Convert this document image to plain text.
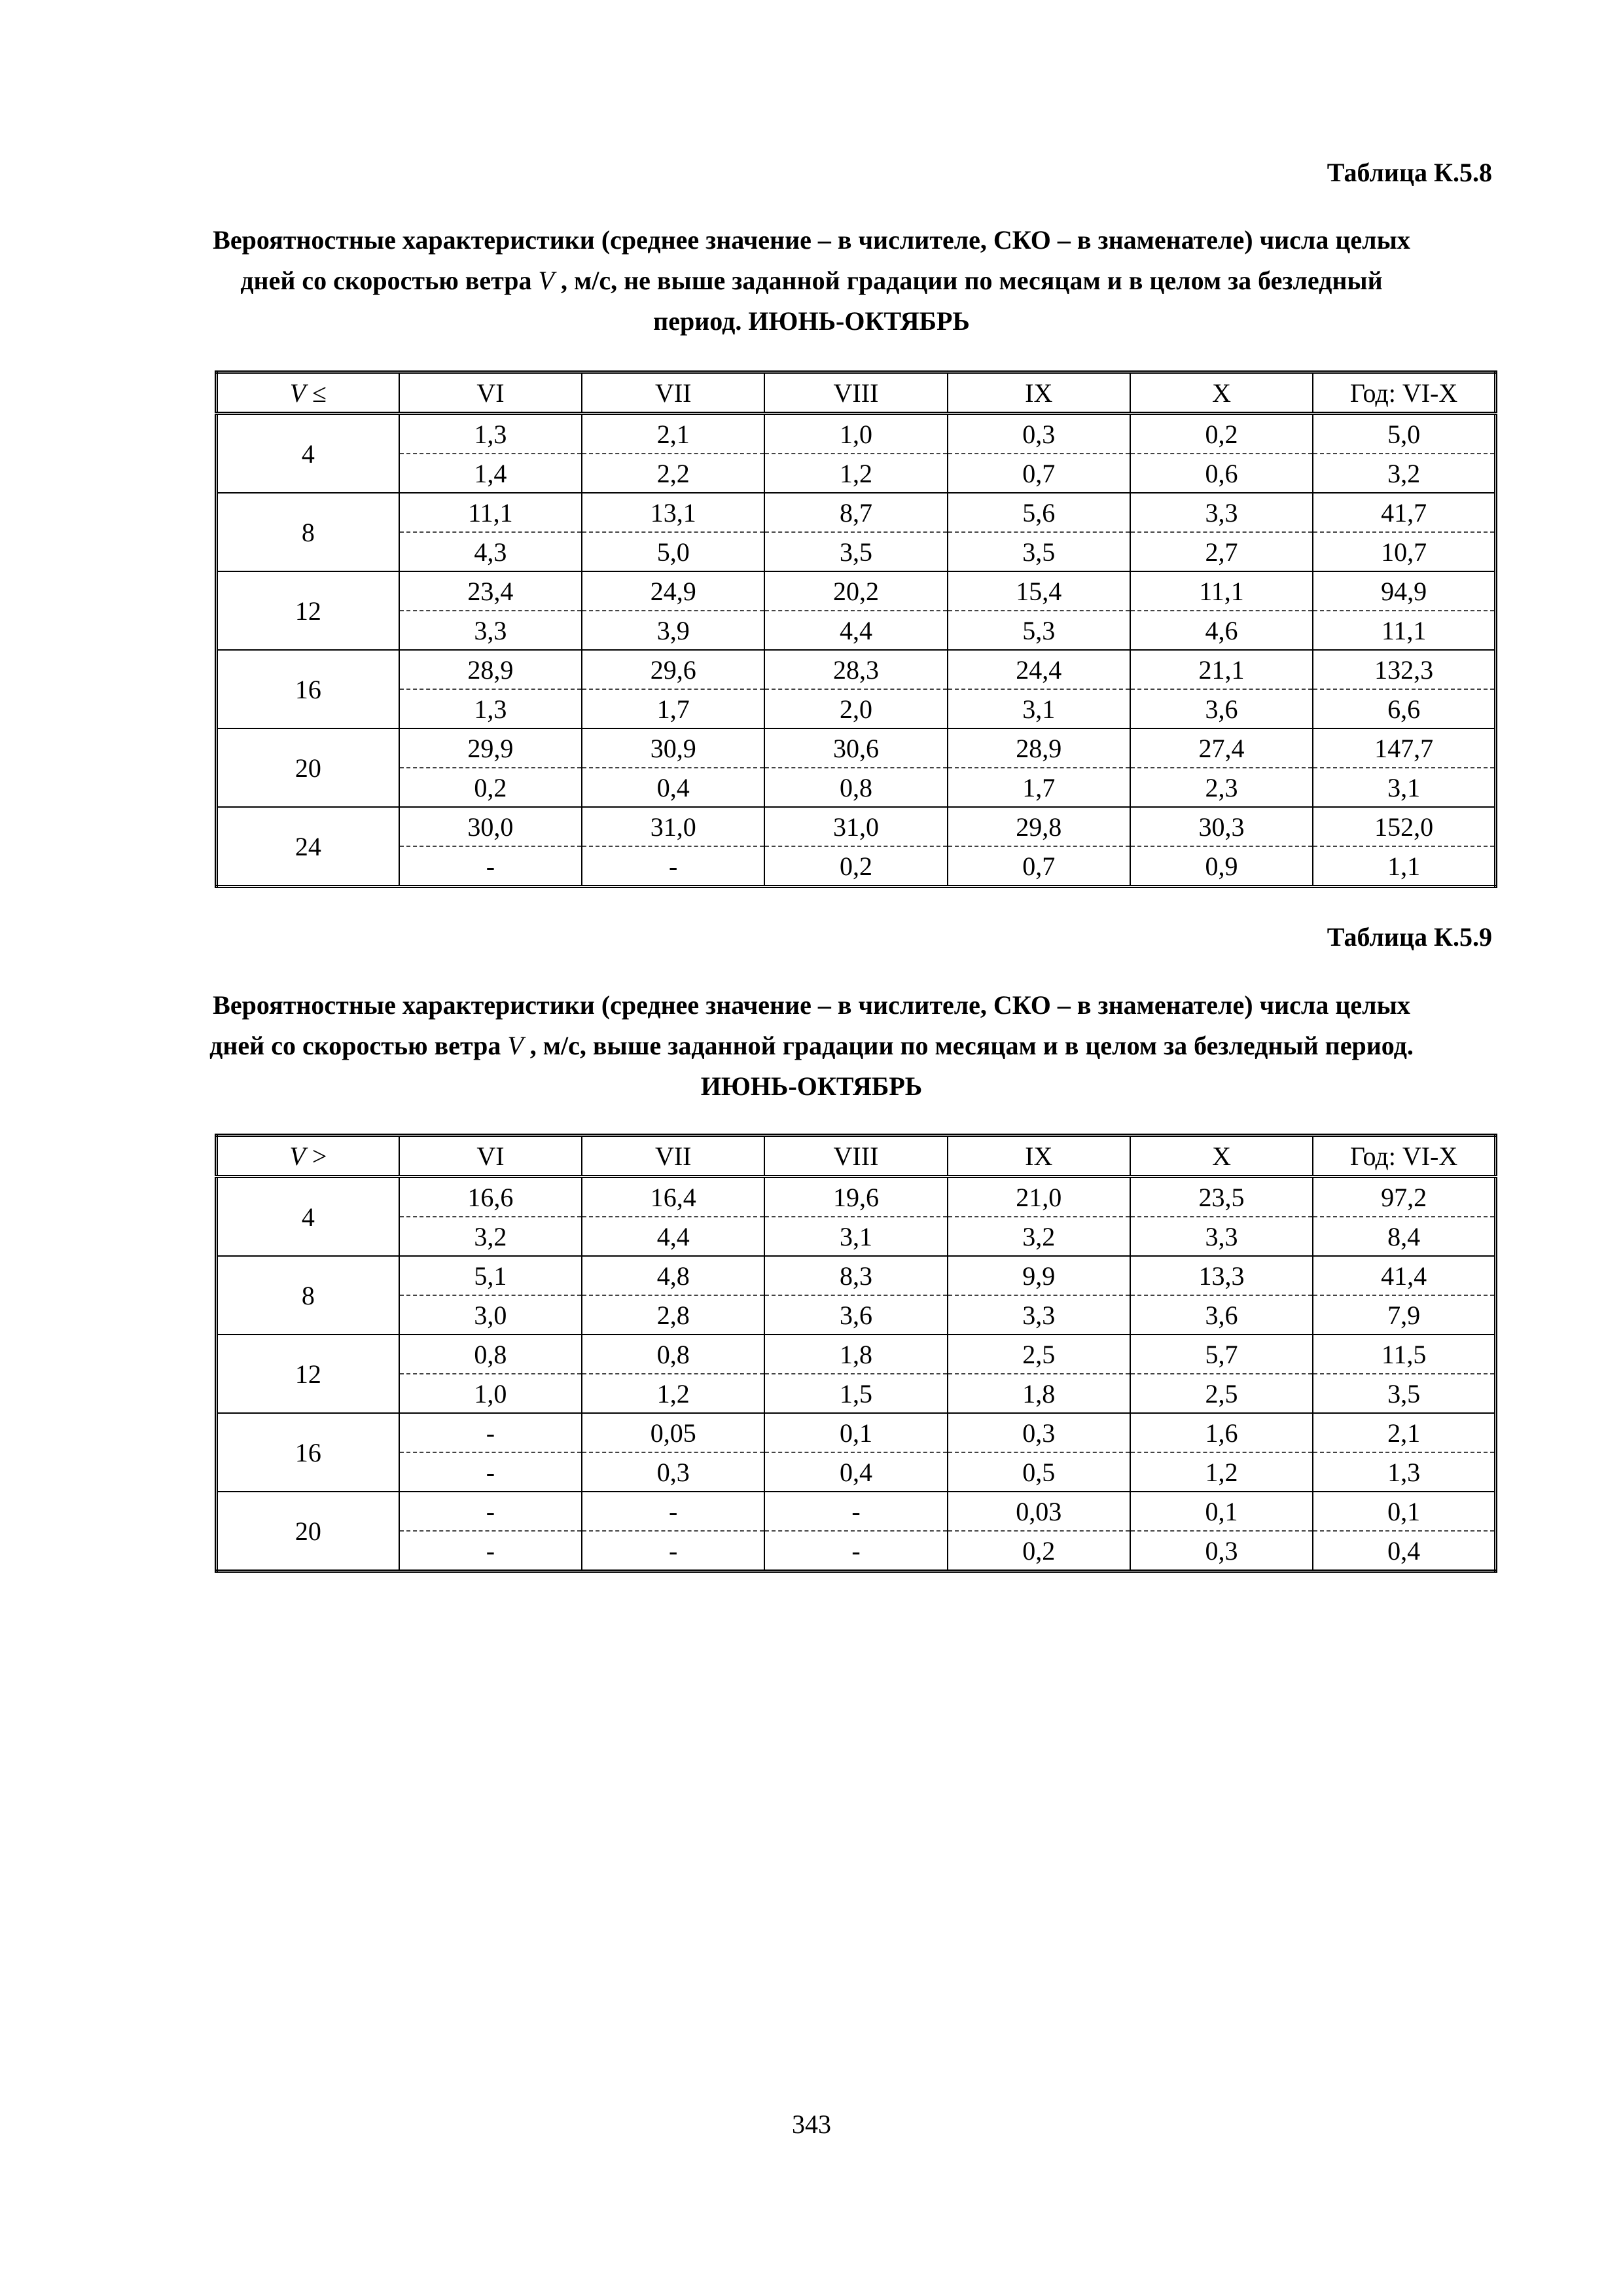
Таблица К.5.8
Вероятностные характеристики (среднее значение – в числителе, СКО – в знаменателе) числа целых дней со скоростью ветра V , м/с, не выше заданной градации по месяцам и в целом за безледный период. ИЮНЬ-ОКТЯБРЬ
V ≤	VI	VII	VIII	IX	X	Год: VI-X
4	1,3	2,1	1,0	0,3	0,2	5,0
	1,4	2,2	1,2	0,7	0,6	3,2
8	11,1	13,1	8,7	5,6	3,3	41,7
	4,3	5,0	3,5	3,5	2,7	10,7
12	23,4	24,9	20,2	15,4	11,1	94,9
	3,3	3,9	4,4	5,3	4,6	11,1
16	28,9	29,6	28,3	24,4	21,1	132,3
	1,3	1,7	2,0	3,1	3,6	6,6
20	29,9	30,9	30,6	28,9	27,4	147,7
	0,2	0,4	0,8	1,7	2,3	3,1
24	30,0	31,0	31,0	29,8	30,3	152,0
	-	-	0,2	0,7	0,9	1,1
Таблица К.5.9
Вероятностные характеристики (среднее значение – в числителе, СКО – в знаменателе) числа целых дней со скоростью ветра V , м/с, выше заданной градации по месяцам и в целом за безледный период. ИЮНЬ-ОКТЯБРЬ
V >	VI	VII	VIII	IX	X	Год: VI-X
4	16,6	16,4	19,6	21,0	23,5	97,2
	3,2	4,4	3,1	3,2	3,3	8,4
8	5,1	4,8	8,3	9,9	13,3	41,4
	3,0	2,8	3,6	3,3	3,6	7,9
12	0,8	0,8	1,8	2,5	5,7	11,5
	1,0	1,2	1,5	1,8	2,5	3,5
16	-	0,05	0,1	0,3	1,6	2,1
	-	0,3	0,4	0,5	1,2	1,3
20	-	-	-	0,03	0,1	0,1
	-	-	-	0,2	0,3	0,4
343
